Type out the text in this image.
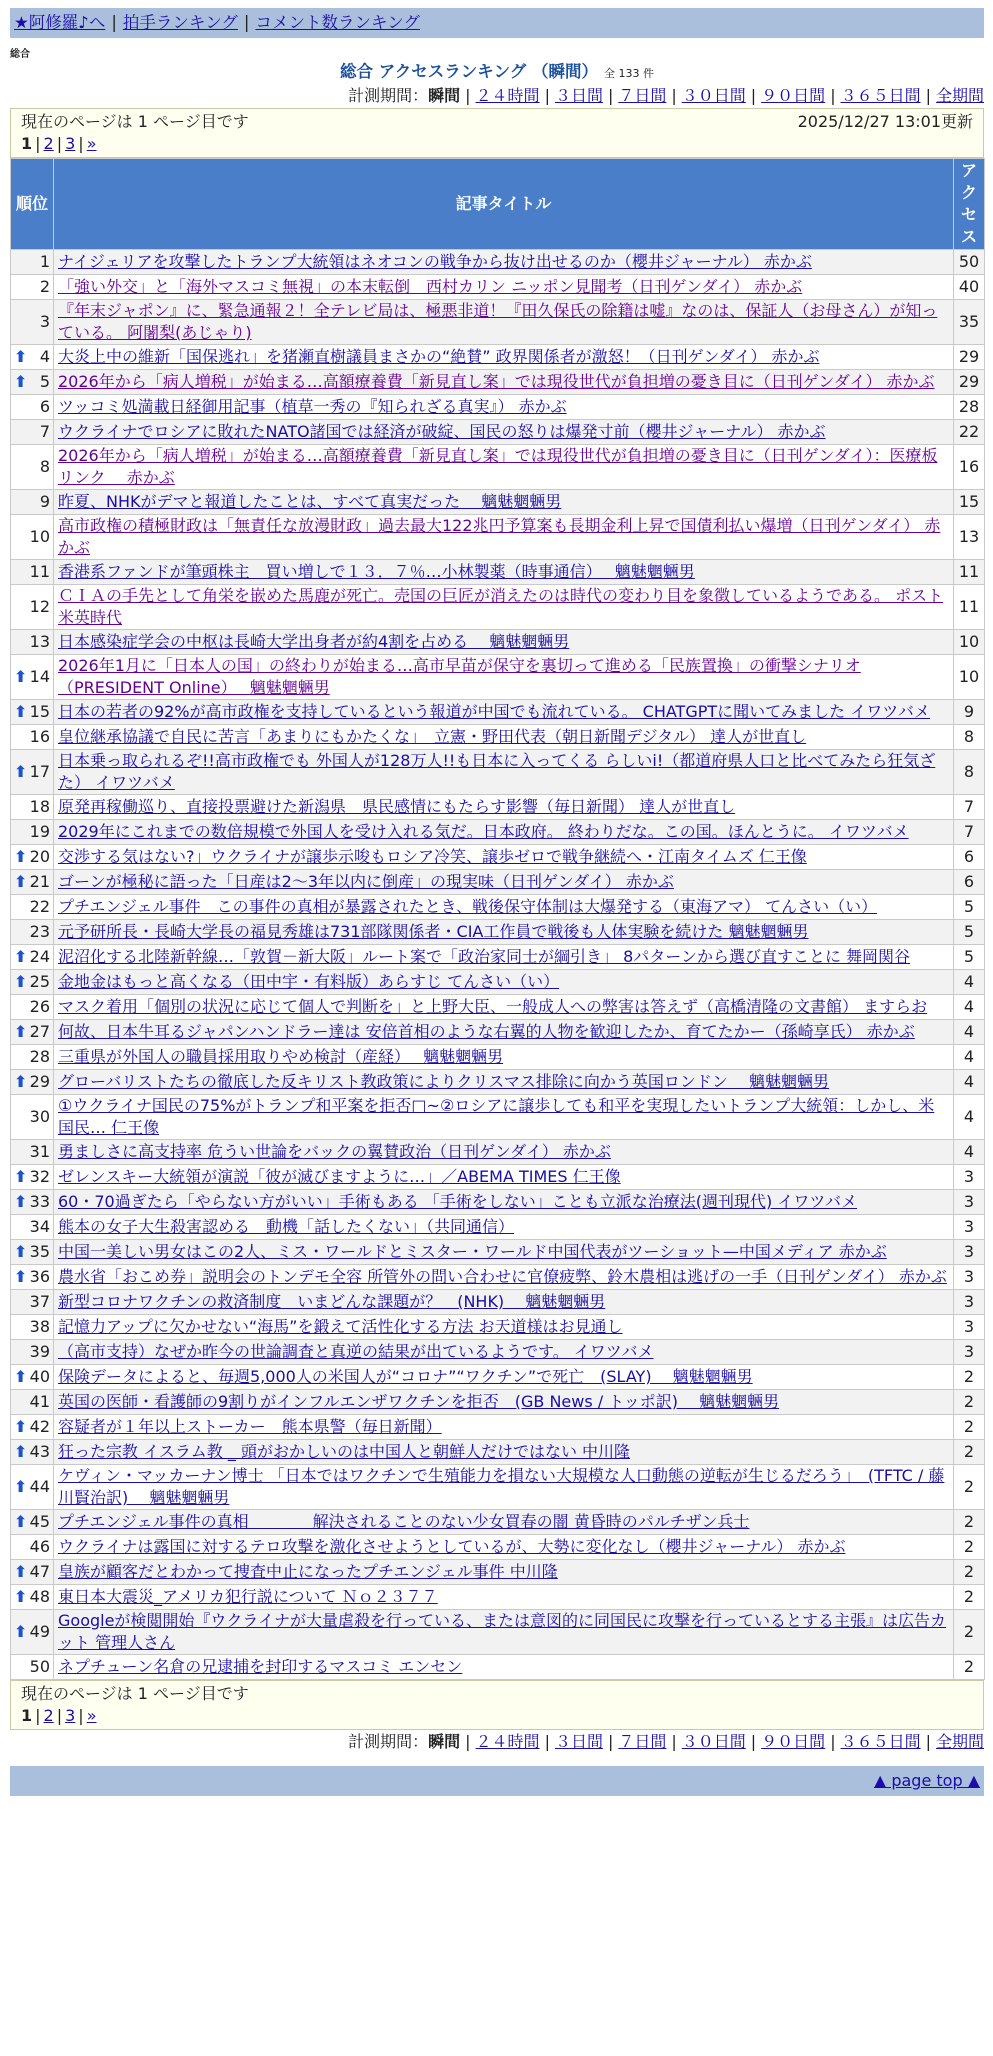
★阿修羅♪へ | 拍手ランキング | コメント数ランキング
総合
総合 アクセスランキング （瞬間） 全 133 件
計測期間：瞬間 | ２４時間 | ３日間 | ７日間 | ３０日間 | ９０日間 | ３６５日間 | 全期間
現在のページは 1 ページ目です	2025/12/27 13:01更新
1 | 2 | 3 | »
順位	記事タイトル	アクセス
1	ナイジェリアを攻撃したトランプ大統領はネオコンの戦争から抜け出せるのか（櫻井ジャーナル） 赤かぶ	50
2	「強い外交」と「海外マスコミ無視」の本末転倒　西村カリン ニッポン見聞考（日刊ゲンダイ） 赤かぶ	40
3	『年末ジャポン』に、緊急通報２！全テレビ局は、極悪非道！『田久保氏の除籍は嘘』なのは、保証人（お母さん）が知っている。 阿闍梨(あじゃり)	35

⬆ 4	大炎上中の維新「国保逃れ」を猪瀬直樹議員まさかの“絶賛” 政界関係者が激怒！（日刊ゲンダイ） 赤かぶ	29

⬆ 5	2026年から「病人増税」が始まる…高額療養費「新見直し案」では現役世代が負担増の憂き目に（日刊ゲンダイ） 赤かぶ	29
6	ツッコミ処満載日経御用記事（植草一秀の『知られざる真実』） 赤かぶ	28
7	ウクライナでロシアに敗れたNATO諸国では経済が破綻、国民の怒りは爆発寸前（櫻井ジャーナル） 赤かぶ	22
8	2026年から「病人増税」が始まる…高額療養費「新見直し案」では現役世代が負担増の憂き目に（日刊ゲンダイ）：医療板リンク　 赤かぶ	16
9	昨夏、NHKがデマと報道したことは、すべて真実だった　 魑魅魍魎男	15
10	高市政権の積極財政は「無責任な放漫財政」過去最大122兆円予算案も長期金利上昇で国債利払い爆増（日刊ゲンダイ） 赤かぶ	13
11	香港系ファンドが筆頭株主　買い増しで１３．７％…小林製薬（時事通信）　 魑魅魍魎男	11
12	ＣＩＡの手先として角栄を嵌めた馬鹿が死亡。売国の巨匠が消えたのは時代の変わり目を象徴しているようである。 ポスト米英時代	11
13	日本感染症学会の中枢は長崎大学出身者が約4割を占める　 魑魅魍魎男	10

⬆ 14	2026年1月に「日本人の国」の終わりが始まる…高市早苗が保守を裏切って進める「民族置換」の衝撃シナリオ（PRESIDENT Online）　 魑魅魍魎男	10

⬆ 15	日本の若者の92%が高市政権を支持しているという報道が中国でも流れている。 CHATGPTに聞いてみました イワツバメ	9
16	皇位継承協議で自民に苦言「あまりにもかたくな」　立憲・野田代表（朝日新聞デジタル） 達人が世直し	8

⬆ 17	日本乗っ取られるぞ!!高市政権でも 外国人が128万人!!も日本に入ってくる らしいi!（都道府県人口と比べてみたら狂気ざた） イワツバメ	8
18	原発再稼働巡り、直接投票避けた新潟県　県民感情にもたらす影響（毎日新聞） 達人が世直し	7
19	2029年にこれまでの数倍規模で外国人を受け入れる気だ。日本政府。 終わりだな。この国。ほんとうに。 イワツバメ	7

⬆ 20	交渉する気はない?」ウクライナが譲歩示唆もロシア冷笑、譲歩ゼロで戦争継続へ・江南タイムズ 仁王像	6

⬆ 21	ゴーンが極秘に語った「日産は2～3年以内に倒産」の現実味（日刊ゲンダイ） 赤かぶ	6
22	プチエンジェル事件　この事件の真相が暴露されたとき、戦後保守体制は大爆発する（東海アマ） てんさい（い）	5
23	元予研所長・長崎大学長の福見秀雄は731部隊関係者・CIA工作員で戦後も人体実験を続けた 魑魅魍魎男	5

⬆ 24	泥沼化する北陸新幹線…「敦賀－新大阪」ルート案で「政治家同士が綱引き」 8パターンから選び直すことに 舞岡関谷	5

⬆ 25	金地金はもっと高くなる（田中宇・有料版）あらすじ てんさい（い）	4
26	マスク着用「個別の状況に応じて個人で判断を」と上野大臣、一般成人への弊害は答えず（高橋清隆の文書館） ますらお	4

⬆ 27	何故、日本牛耳るジャパンハンドラー達は 安倍首相のような右翼的人物を歓迎したか、育てたかー（孫崎享氏） 赤かぶ	4
28	三重県が外国人の職員採用取りやめ検討（産経）　 魑魅魍魎男	4

⬆ 29	グローバリストたちの徹底した反キリスト教政策によりクリスマス排除に向かう英国ロンドン　 魑魅魍魎男	4
30	①ウクライナ国民の75%がトランプ和平案を拒否□~②ロシアに譲歩しても和平を実現したいトランプ大統領：しかし、米国民… 仁王像	4
31	勇ましさに高支持率 危うい世論をバックの翼賛政治（日刊ゲンダイ） 赤かぶ	4

⬆ 32	ゼレンスキー大統領が演説「彼が滅びますように…」／ABEMA TIMES 仁王像	3

⬆ 33	60・70過ぎたら「やらない方がいい」手術もある 「手術をしない」ことも立派な治療法(週刊現代) イワツバメ	3
34	熊本の女子大生殺害認める　動機「話したくない」（共同通信）	3

⬆ 35	中国一美しい男女はこの2人、ミス・ワールドとミスター・ワールド中国代表がツーショット—中国メディア 赤かぶ	3

⬆ 36	農水省「おこめ券」説明会のトンデモ全容 所管外の問い合わせに官僚疲弊、鈴木農相は逃げの一手（日刊ゲンダイ） 赤かぶ	3
37	新型コロナワクチンの救済制度　いまどんな課題が？　(NHK)　 魑魅魍魎男	3
38	記憶力アップに欠かせない“海馬”を鍛えて活性化する方法 お天道様はお見通し	3
39	（高市支持）なぜか昨今の世論調査と真逆の結果が出ているようです。 イワツバメ	3

⬆ 40	保険データによると、毎週5,000人の米国人が“コロナ”“ワクチン”で死亡　(SLAY)　 魑魅魍魎男	2
41	英国の医師・看護師の9割りがインフルエンザワクチンを拒否　(GB News / トッポ訳)　 魑魅魍魎男	2

⬆ 42	容疑者が１年以上ストーカー　熊本県警（毎日新聞）	2

⬆ 43	狂った宗教 イスラム教 _ 頭がおかしいのは中国人と朝鮮人だけではない 中川隆	2

⬆ 44	ケヴィン・マッカーナン博士 「日本ではワクチンで生殖能力を損ない大規模な人口動態の逆転が生じるだろう」　(TFTC / 藤川賢治訳)　 魑魅魍魎男	2

⬆ 45	プチエンジェル事件の真相　　　　解決されることのない少女買春の闇 黄昏時のパルチザン兵士	2
46	ウクライナは露国に対するテロ攻撃を激化させようとしているが、大勢に変化なし（櫻井ジャーナル） 赤かぶ	2

⬆ 47	皇族が顧客だとわかって捜査中止になったプチエンジェル事件 中川隆	2

⬆ 48	東日本大震災_アメリカ犯行説について Ｎｏ２３７７	2

⬆ 49	Googleが検閲開始『ウクライナが大量虐殺を行っている、または意図的に同国民に攻撃を行っているとする主張』は広告カット 管理人さん	2
50	ネプチューン名倉の兄逮捕を封印するマスコミ エンセン	2
現在のページは 1 ページ目です
1 | 2 | 3 | »
計測期間：瞬間 | ２４時間 | ３日間 | ７日間 | ３０日間 | ９０日間 | ３６５日間 | 全期間
▲ page top ▲
